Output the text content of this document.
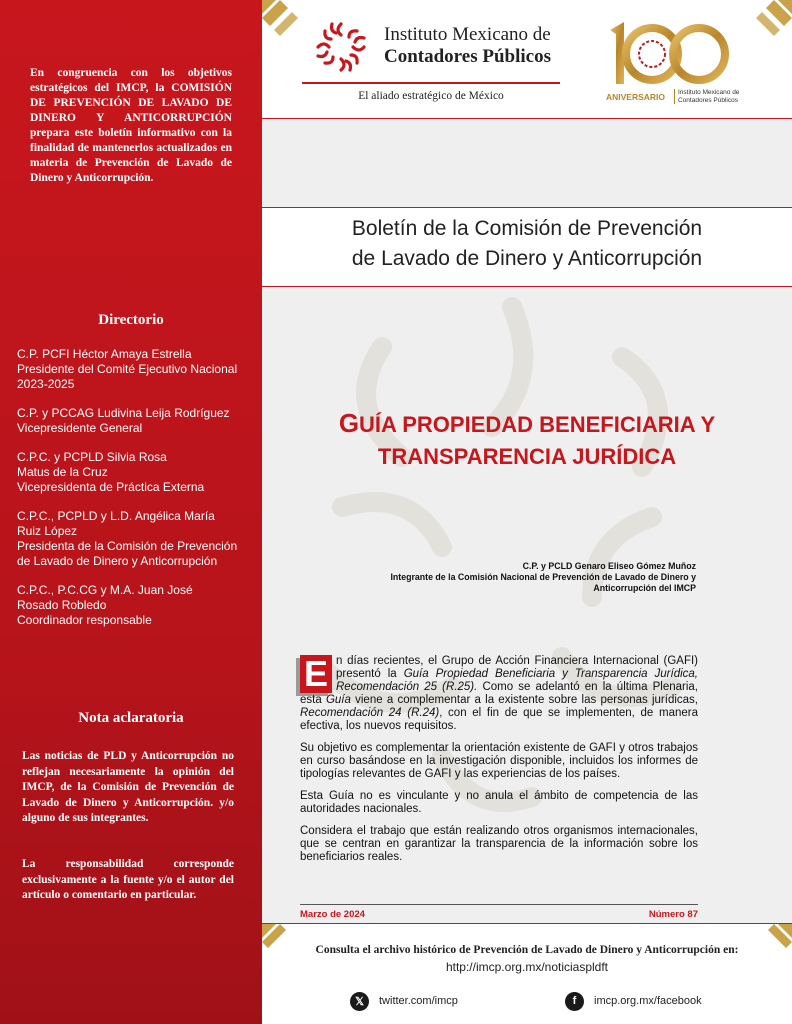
En congruencia con los objetivos estratégicos del IMCP, la COMISIÓN DE PREVENCIÓN DE LAVADO DE DINERO Y ANTICORRUPCIÓN prepara este boletín informativo con la finalidad de mantenerlos actualizados en materia de Prevención de Lavado de Dinero y Anticorrupción.

Directorio
C.P. PCFI Héctor Amaya Estrella
Presidente del Comité Ejecutivo Nacional
2023-2025
C.P. y PCCAG Ludivina Leija Rodríguez
Vicepresidente General
C.P.C. y PCPLD Silvia Rosa
Matus de la Cruz
Vicepresidenta de Práctica Externa
C.P.C., PCPLD y L.D. Angélica María
Ruiz López
Presidenta de la Comisión de Prevención
de Lavado de Dinero y Anticorrupción
C.P.C., P.C.CG y M.A. Juan José
Rosado Robledo
Coordinador responsable
Nota aclaratoria

Las noticias de PLD y Anticorrupción no reflejan necesariamente la opinión del IMCP, de la Comisión de Prevención de Lavado de Dinero y Anticorrupción. y/o alguno de sus integrantes.

La responsabilidad corresponde exclusivamente a la fuente y/o el autor del artículo o comentario en particular.

Instituto Mexicano de
Contadores Públicos
El aliado estratégico de México	ANIVERSARIO Instituto Mexicano de
Contadores Públicos
Boletín de la Comisión de Prevención
de Lavado de Dinero y Anticorrupción
GUÍA PROPIEDAD BENEFICIARIA Y
TRANSPARENCIA JURÍDICA
C.P. y PCLD Genaro Eliseo Gómez Muñoz
Integrante de la Comisión Nacional de Prevención de Lavado de Dinero y
Anticorrupción del IMCP

E n días recientes, el Grupo de Acción Financiera Internacional (GAFI) presentó la Guía Propiedad Beneficiaria y Transparencia Jurídica, Recomendación 25 (R.25). Como se adelantó en la última Plenaria, esta Guía viene a complementar a la existente sobre las personas jurídicas, Recomendación 24 (R.24), con el fin de que se implementen, de manera efectiva, los nuevos requisitos.

Su objetivo es complementar la orientación existente de GAFI y otros trabajos en curso basándose en la investigación disponible, incluidos los informes de tipologías relevantes de GAFI y las experiencias de los países.

Esta Guía no es vinculante y no anula el ámbito de competencia de las autoridades nacionales.

Considera el trabajo que están realizando otros organismos internacionales, que se centran en garantizar la transparencia de la información sobre los beneficiarios reales.

Marzo de 2024	Número 87
Consulta el archivo histórico de Prevención de Lavado de Dinero y Anticorrupción en:
http://imcp.org.mx/noticiaspldft
𝕏	twitter.com/imcp	f	imcp.org.mx/facebook
